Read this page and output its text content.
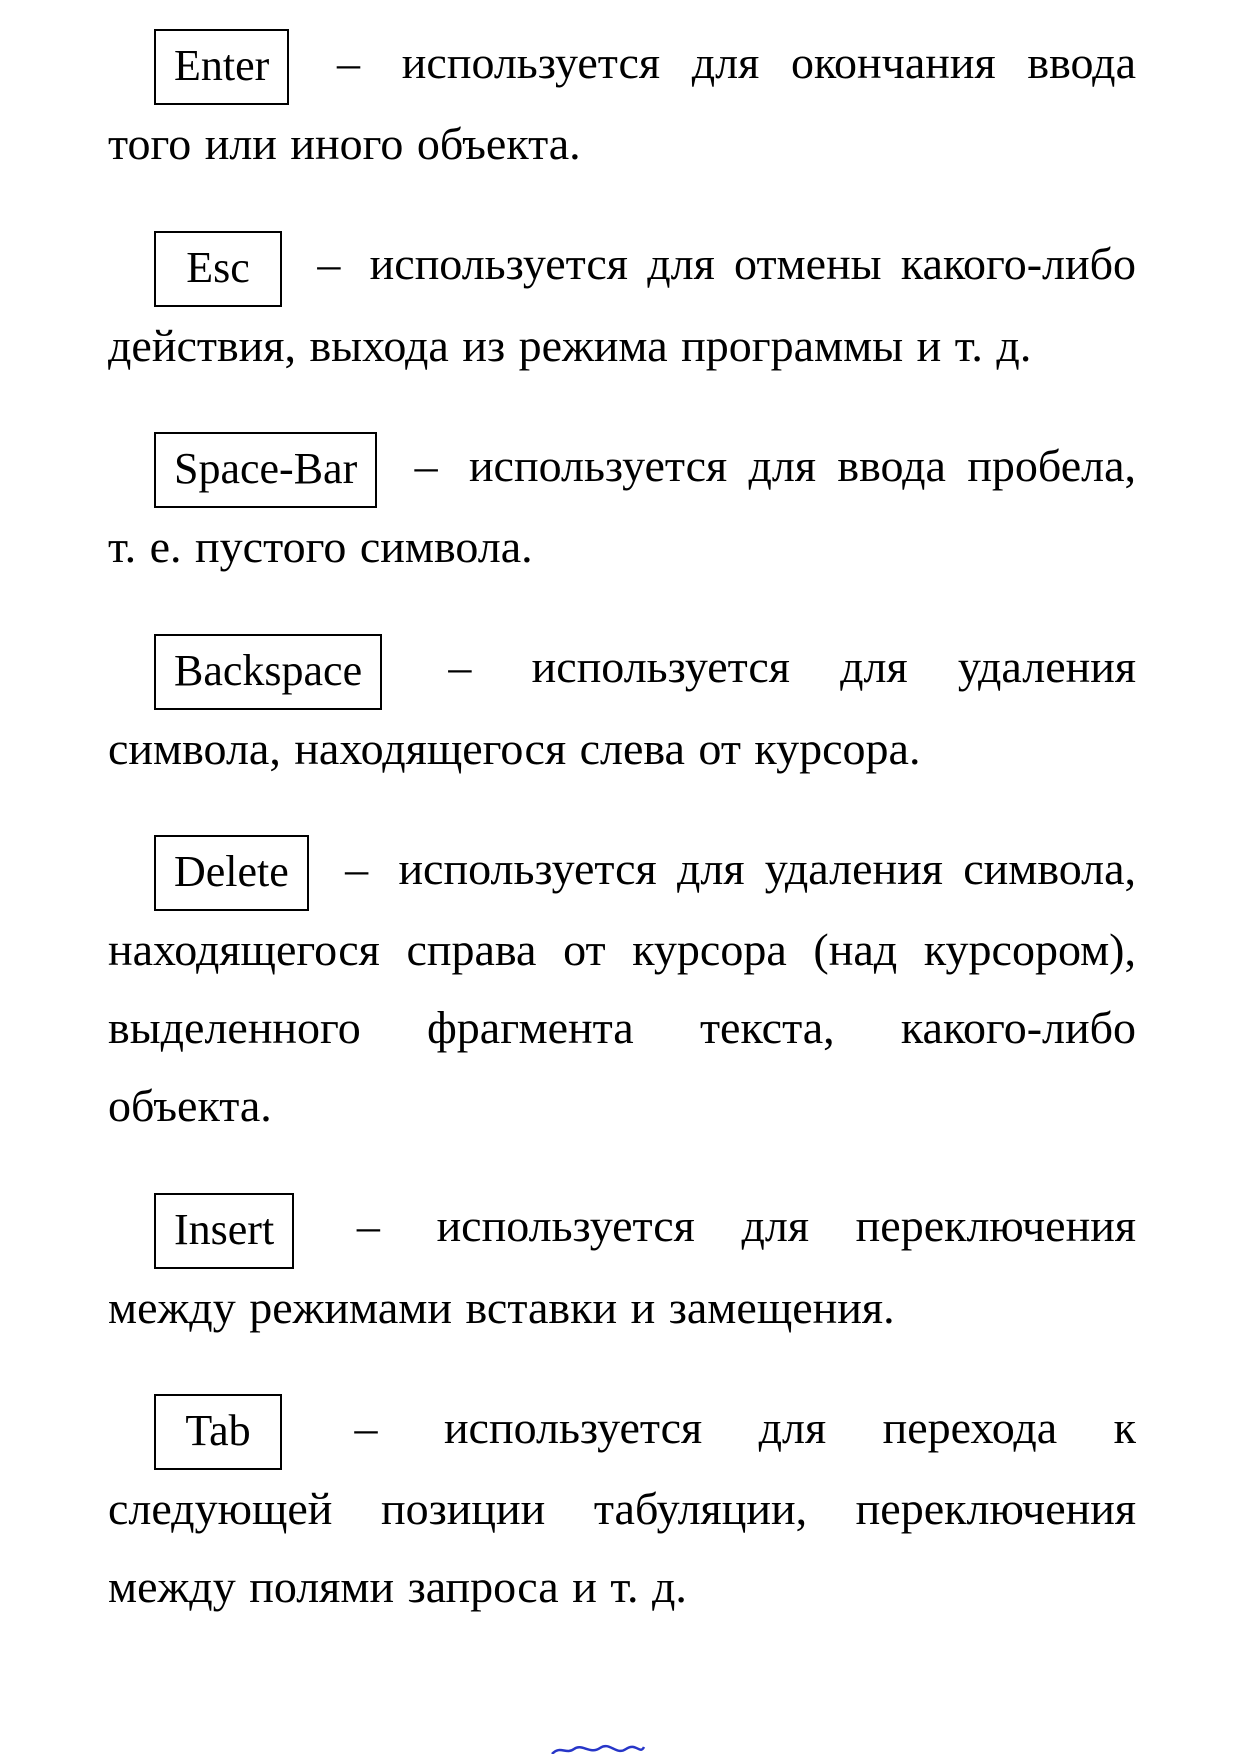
Enter – используется для окончания ввода того или иного объекта.

Esc – используется для отмены какого-либо действия, выхода из режима программы и т. д.

Space-Bar – используется для ввода пробела, т. е. пустого символа.

Backspace – используется для удаления символа, находящегося слева от курсора.

Delete – используется для удаления символа, находящегося справа от курсора (над курсором), выделенного фрагмента текста, какого-либо объекта.

Insert – используется для переключения между режимами вставки и замещения.

Tab – используется для перехода к следующей позиции табуляции, переключения между полями запроса и т. д.
